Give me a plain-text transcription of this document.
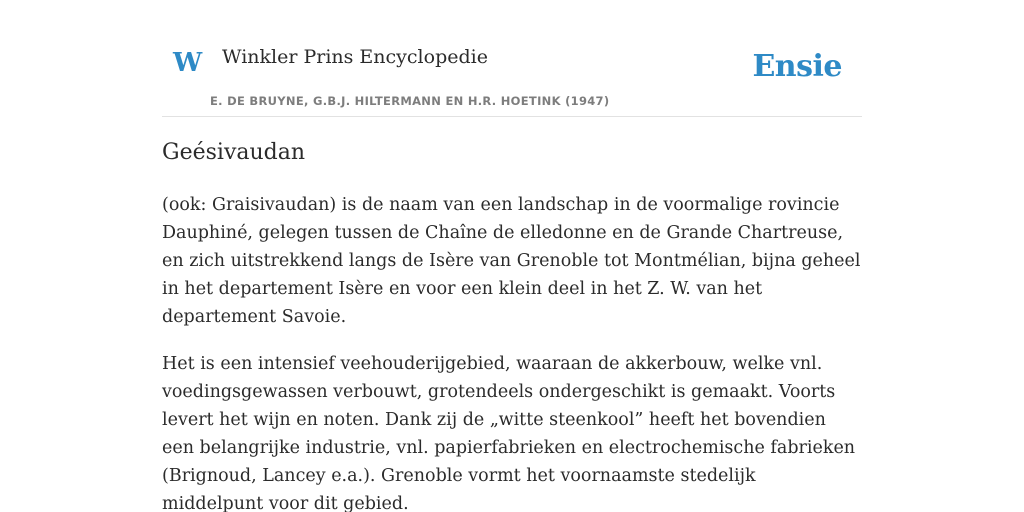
W Winkler Prins Encyclopedie	Ensie
E. DE BRUYNE, G.B.J. HILTERMANN EN H.R. HOETINK (1947)
Geésivaudan

(ook: Graisivaudan) is de naam van een landschap in de voormalige rovincie Dauphiné, gelegen tussen de Chaîne de elledonne en de Grande Chartreuse, en zich uitstrekkend langs de Isère van Grenoble tot Montmélian, bijna geheel in het departement Isère en voor een klein deel in het Z. W. van het departement Savoie.

Het is een intensief veehouderijgebied, waaraan de akkerbouw, welke vnl. voedingsgewassen verbouwt, grotendeels ondergeschikt is gemaakt. Voorts levert het wijn en noten. Dank zij de „witte steenkool” heeft het bovendien een belangrijke industrie, vnl. papierfabrieken en electrochemische fabrieken (Brignoud, Lancey e.a.). Grenoble vormt het voornaamste stedelijk middelpunt voor dit gebied.
